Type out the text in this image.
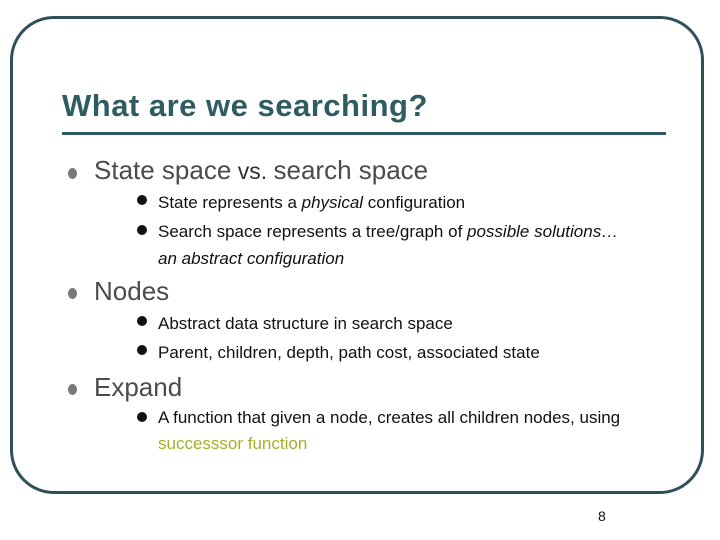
What are we searching?
State space vs. search space
State represents a physical configuration
Search space represents a tree/graph of possible solutions… an abstract configuration
Nodes
Abstract data structure in search space
Parent, children, depth, path cost, associated state
Expand
A function that given a node, creates all children nodes, using successsor function
8
